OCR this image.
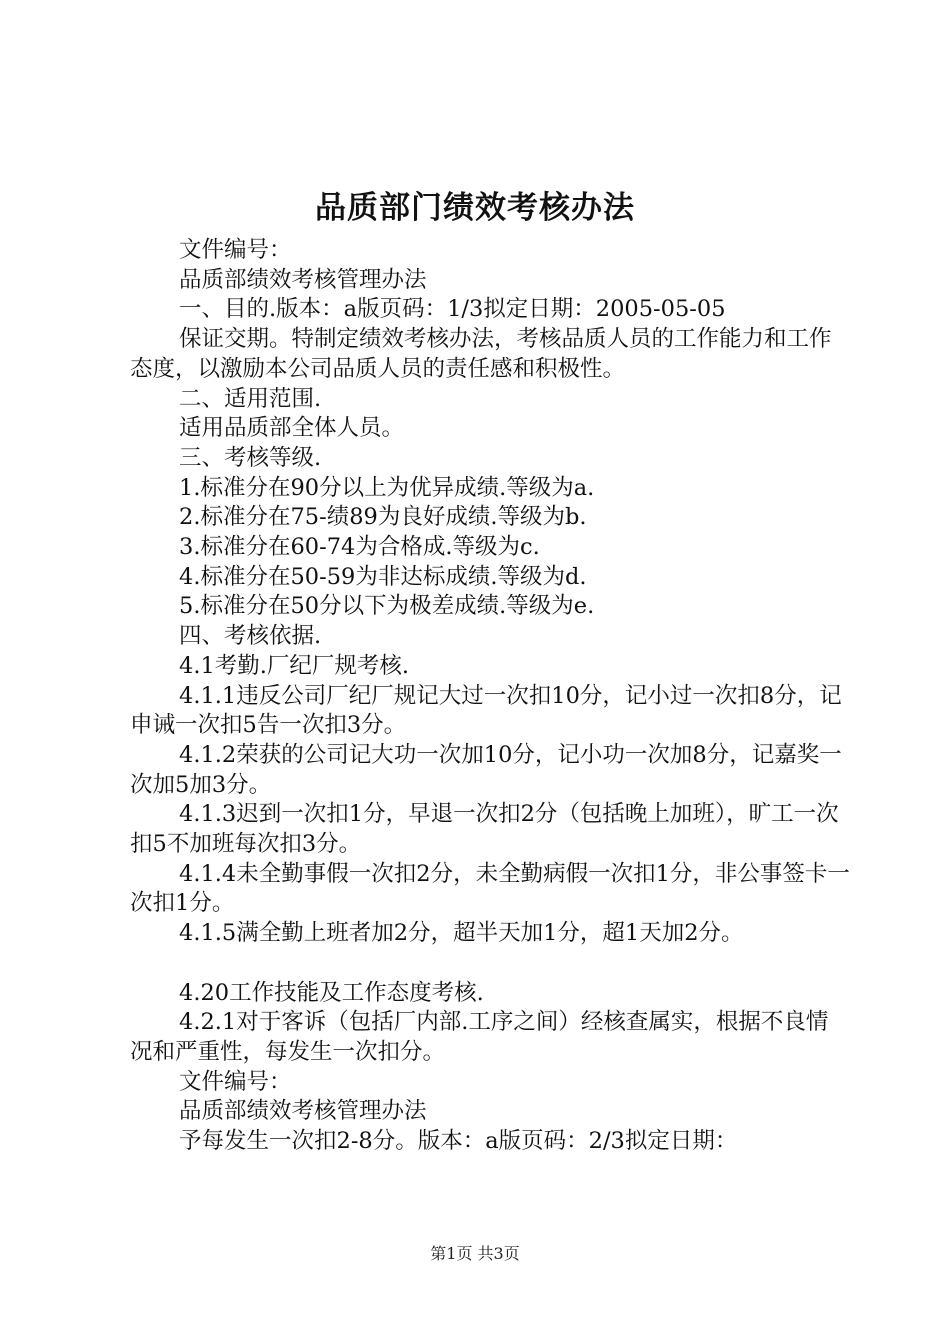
品质部门绩效考核办法

文件编号：

品质部绩效考核管理办法

一、目的.版本：a版页码：1/3拟定日期：2005-05-05

保证交期。特制定绩效考核办法，考核品质人员的工作能力和工作态度，以激励本公司品质人员的责任感和积极性。

二、适用范围.

适用品质部全体人员。

三、考核等级.

1.标准分在90分以上为优异成绩.等级为a.

2.标准分在75-绩89为良好成绩.等级为b.

3.标准分在60-74为合格成.等级为c.

4.标准分在50-59为非达标成绩.等级为d.

5.标准分在50分以下为极差成绩.等级为e.

四、考核依据.

4.1考勤.厂纪厂规考核.

4.1.1违反公司厂纪厂规记大过一次扣10分，记小过一次扣8分，记申诫一次扣5告一次扣3分。

4.1.2荣获的公司记大功一次加10分，记小功一次加8分，记嘉奖一次加5加3分。

4.1.3迟到一次扣1分，早退一次扣2分（包括晚上加班），旷工一次扣5不加班每次扣3分。

4.1.4未全勤事假一次扣2分，未全勤病假一次扣1分，非公事签卡一次扣1分。

4.1.5满全勤上班者加2分，超半天加1分，超1天加2分。

4.20工作技能及工作态度考核.

4.2.1对于客诉（包括厂内部.工序之间）经核查属实，根据不良情况和严重性，每发生一次扣分。

文件编号：

品质部绩效考核管理办法

予每发生一次扣2-8分。版本：a版页码：2/3拟定日期：

第1页 共3页
